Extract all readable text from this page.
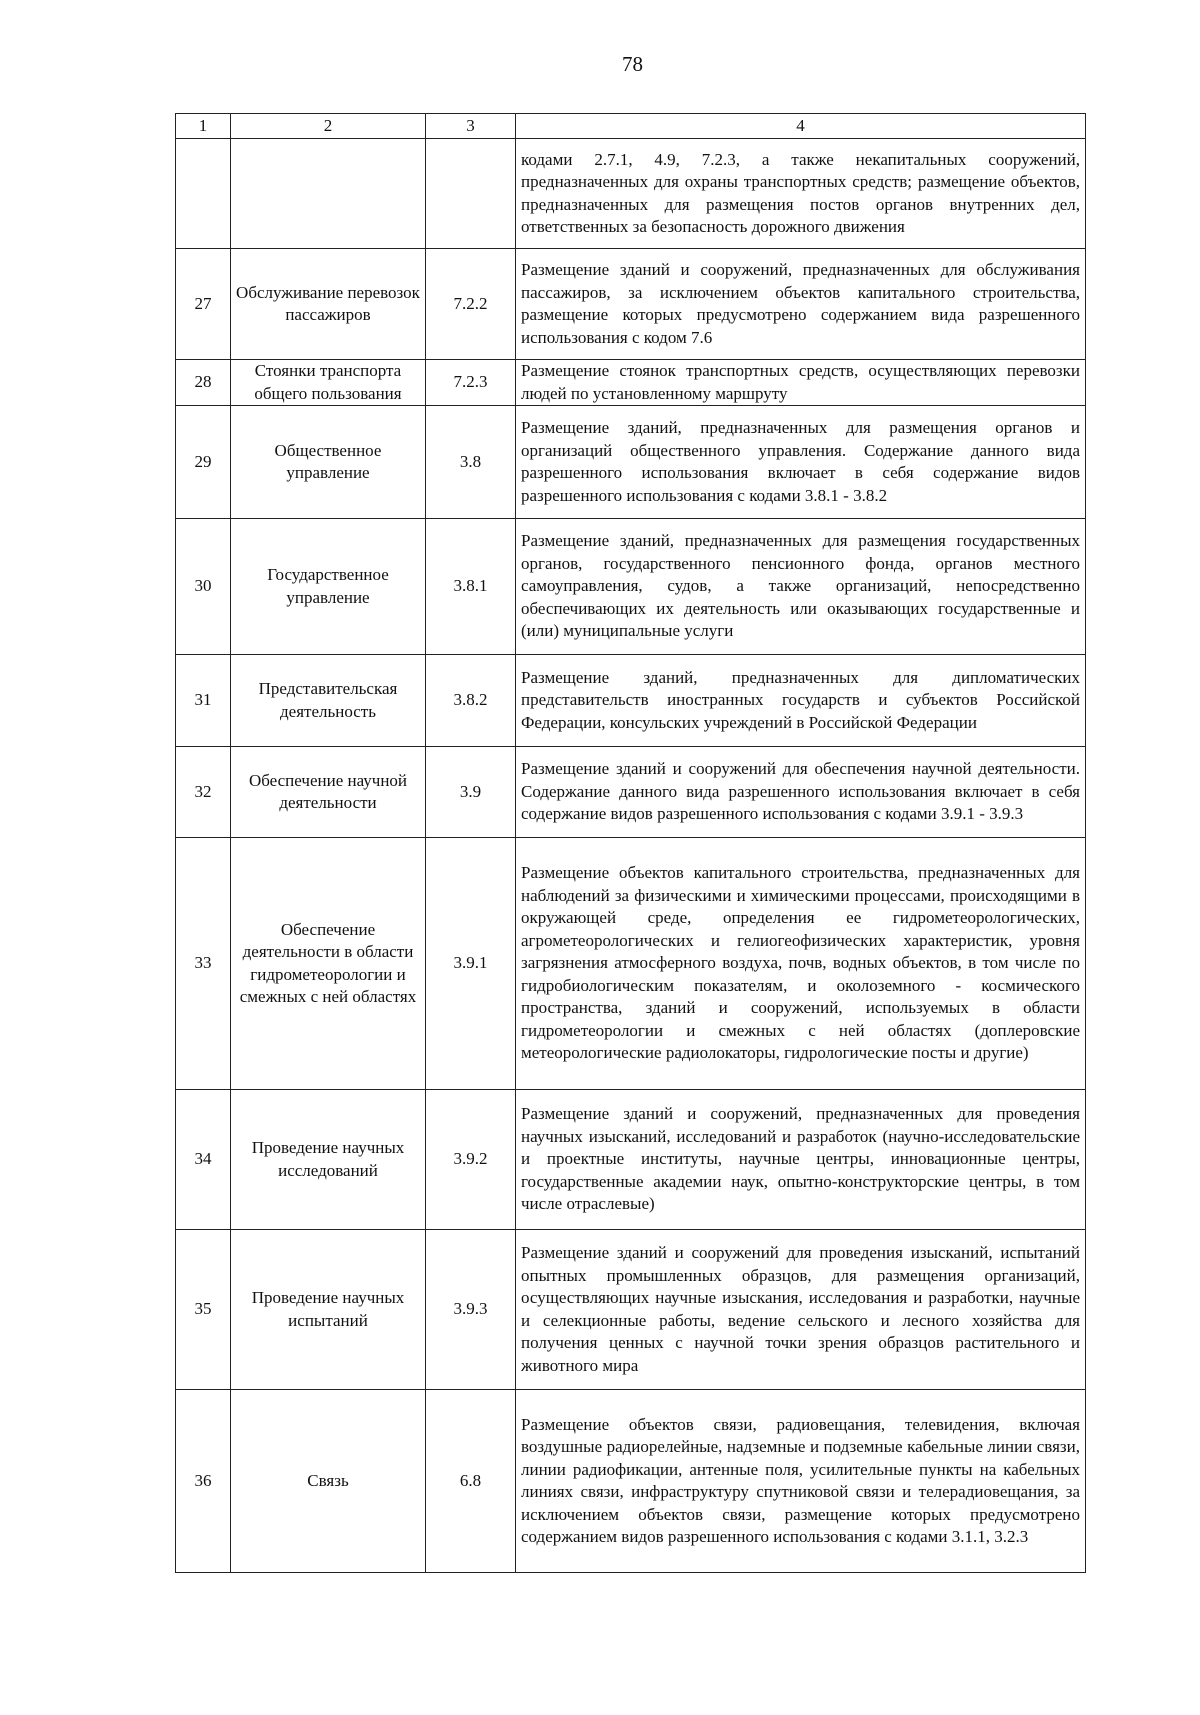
78
1	2	3	4
			кодами 2.7.1, 4.9, 7.2.3, а также некапитальных сооружений, предназначенных для охраны транспортных средств; размещение объектов, предназначенных для размещения постов органов внутренних дел, ответственных за безопасность дорожного движения
27	Обслуживание перевозок пассажиров	7.2.2	Размещение зданий и сооружений, предназначенных для обслуживания пассажиров, за исключением объектов капитального строительства, размещение которых предусмотрено содержанием вида разрешенного использования с кодом 7.6
28	Стоянки транспорта общего пользования	7.2.3	Размещение стоянок транспортных средств, осуществляющих перевозки людей по установленному маршруту
29	Общественное управление	3.8	Размещение зданий, предназначенных для размещения органов и организаций общественного управления. Содержание данного вида разрешенного использования включает в себя содержание видов разрешенного использования с кодами 3.8.1 - 3.8.2
30	Государственное управление	3.8.1	Размещение зданий, предназначенных для размещения государственных органов, государственного пенсионного фонда, органов местного самоуправления, судов, а также организаций, непосредственно обеспечивающих их деятельность или оказывающих государственные и (или) муниципальные услуги
31	Представительская деятельность	3.8.2	Размещение зданий, предназначенных для дипломатических представительств иностранных государств и субъектов Российской Федерации, консульских учреждений в Российской Федерации
32	Обеспечение научной деятельности	3.9	Размещение зданий и сооружений для обеспечения научной деятельности. Содержание данного вида разрешенного использования включает в себя содержание видов разрешенного использования с кодами 3.9.1 - 3.9.3
33	Обеспечение деятельности в области гидрометеорологии и смежных с ней областях	3.9.1	Размещение объектов капитального строительства, предназначенных для наблюдений за физическими и химическими процессами, происходящими в окружающей среде, определения ее гидрометеорологических, агрометеорологических и гелиогеофизических характеристик, уровня загрязнения атмосферного воздуха, почв, водных объектов, в том числе по гидробиологическим показателям, и околоземного - космического пространства, зданий и сооружений, используемых в области гидрометеорологии и смежных с ней областях (доплеровские метеорологические радиолокаторы, гидрологические посты и другие)
34	Проведение научных исследований	3.9.2	Размещение зданий и сооружений, предназначенных для проведения научных изысканий, исследований и разработок (научно-исследовательские и проектные институты, научные центры, инновационные центры, государственные академии наук, опытно-конструкторские центры, в том числе отраслевые)
35	Проведение научных испытаний	3.9.3	Размещение зданий и сооружений для проведения изысканий, испытаний опытных промышленных образцов, для размещения организаций, осуществляющих научные изыскания, исследования и разработки, научные и селекционные работы, ведение сельского и лесного хозяйства для получения ценных с научной точки зрения образцов растительного и животного мира
36	Связь	6.8	Размещение объектов связи, радиовещания, телевидения, включая воздушные радиорелейные, надземные и подземные кабельные линии связи, линии радиофикации, антенные поля, усилительные пункты на кабельных линиях связи, инфраструктуру спутниковой связи и телерадиовещания, за исключением объектов связи, размещение которых предусмотрено содержанием видов разрешенного использования с кодами 3.1.1, 3.2.3
